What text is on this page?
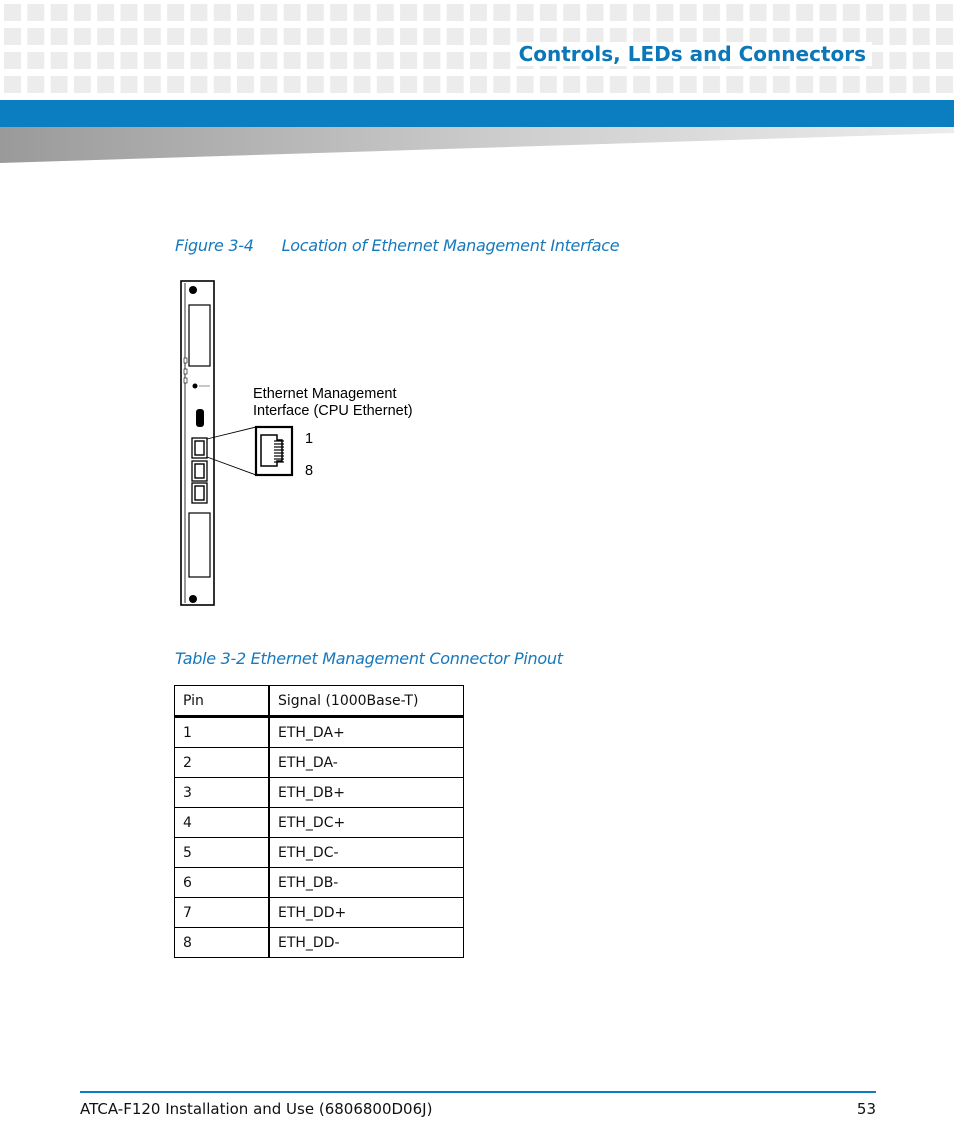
Controls, LEDs and Connectors

Figure 3-4 Location of Ethernet Management Interface

Ethernet Management
Interface (CPU Ethernet)
1
8

Table 3-2 Ethernet Management Connector Pinout

Pin	Signal (1000Base-T)
1	ETH_DA+
2	ETH_DA-
3	ETH_DB+
4	ETH_DC+
5	ETH_DC-
6	ETH_DB-
7	ETH_DD+
8	ETH_DD-

ATCA-F120 Installation and Use (6806800D06J)	53
